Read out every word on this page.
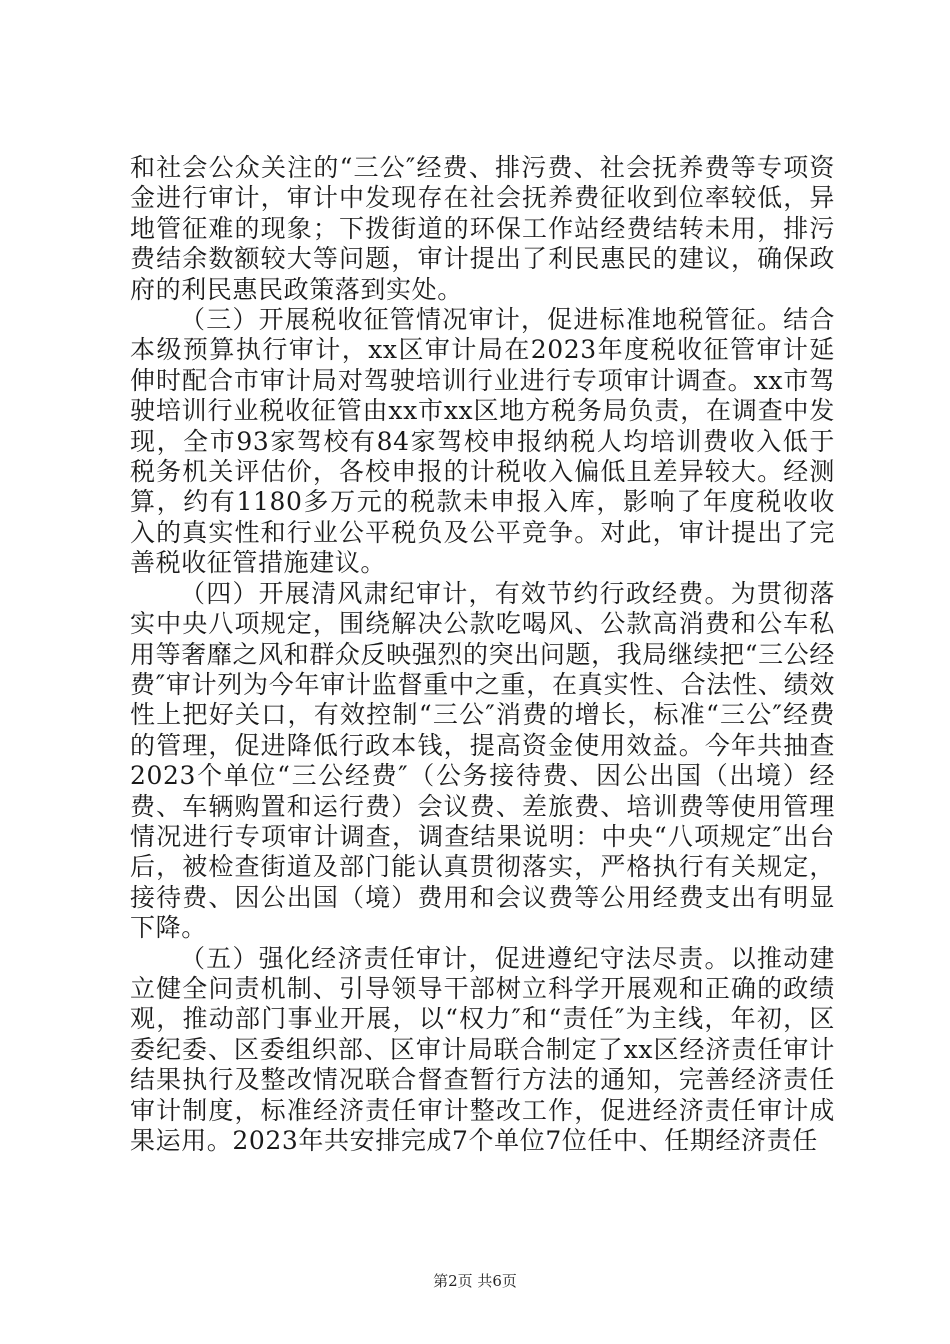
和社会公众关注的“三公″经费、排污费、社会抚养费等专项资金进行审计，审计中发现存在社会抚养费征收到位率较低，异地管征难的现象；下拨街道的环保工作站经费结转未用，排污费结余数额较大等问题，审计提出了利民惠民的建议，确保政府的利民惠民政策落到实处。

（三）开展税收征管情况审计，促进标准地税管征。结合本级预算执行审计，xx区审计局在2023年度税收征管审计延伸时配合市审计局对驾驶培训行业进行专项审计调查。xx市驾驶培训行业税收征管由xx市xx区地方税务局负责，在调查中发现，全市93家驾校有84家驾校申报纳税人均培训费收入低于税务机关评估价，各校申报的计税收入偏低且差异较大。经测算，约有1180多万元的税款未申报入库，影响了年度税收收入的真实性和行业公平税负及公平竞争。对此，审计提出了完善税收征管措施建议。

（四）开展清风肃纪审计，有效节约行政经费。为贯彻落实中央八项规定，围绕解决公款吃喝风、公款高消费和公车私用等奢靡之风和群众反映强烈的突出问题，我局继续把“三公经费″审计列为今年审计监督重中之重，在真实性、合法性、绩效性上把好关口，有效控制“三公″消费的增长，标准“三公″经费的管理，促进降低行政本钱，提高资金使用效益。今年共抽查2023个单位“三公经费″（公务接待费、因公出国（出境）经费、车辆购置和运行费）会议费、差旅费、培训费等使用管理情况进行专项审计调查，调查结果说明：中央“八项规定″出台后，被检查街道及部门能认真贯彻落实，严格执行有关规定，接待费、因公出国（境）费用和会议费等公用经费支出有明显下降。

（五）强化经济责任审计，促进遵纪守法尽责。以推动建立健全问责机制、引导领导干部树立科学开展观和正确的政绩观，推动部门事业开展，以“权力″和“责任″为主线，年初，区委纪委、区委组织部、区审计局联合制定了xx区经济责任审计结果执行及整改情况联合督查暂行方法的通知，完善经济责任审计制度，标准经济责任审计整改工作，促进经济责任审计成果运用。2023年共安排完成7个单位7位任中、任期经济责任

第2页 共6页
